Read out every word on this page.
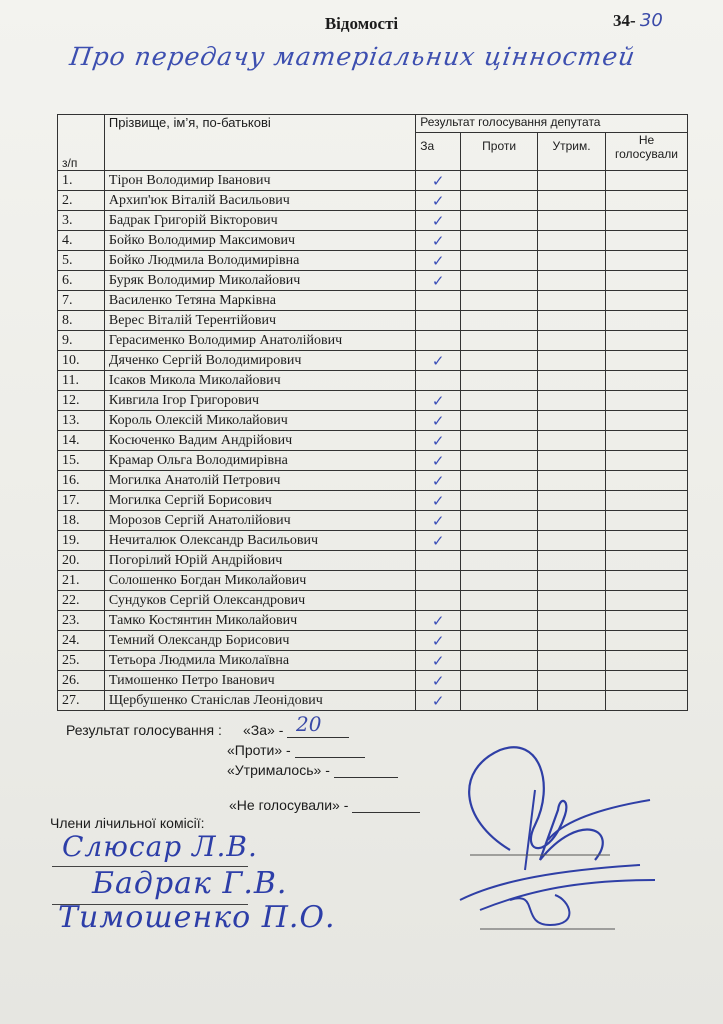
Відомості	34- 30
Про передачу матеріальних цінностей
з/п	Прізвище, ім’я, по-батькові	Результат голосування депутата			
		За	Проти	Утрим.	Не голосували
1.	Тірон Володимир Іванович	✓			
2.	Архип'юк Віталій Васильович	✓			
3.	Бадрак Григорій Вікторович	✓			
4.	Бойко Володимир Максимович	✓			
5.	Бойко Людмила Володимирівна	✓			
6.	Буряк Володимир Миколайович	✓			
7.	Василенко Тетяна Марківна				
8.	Верес Віталій Терентійович				
9.	Герасименко Володимир Анатолійович				
10.	Дяченко Сергій Володимирович	✓			
11.	Ісаков Микола Миколайович				
12.	Кивгила Ігор Григорович	✓			
13.	Король Олексій Миколайович	✓			
14.	Косюченко Вадим Андрійович	✓			
15.	Крамар Ольга Володимирівна	✓			
16.	Могилка Анатолій Петрович	✓			
17.	Могилка Сергій Борисович	✓			
18.	Морозов Сергій Анатолійович	✓			
19.	Нечиталюк Олександр Васильович	✓			
20.	Погорілий Юрій Андрійович				
21.	Солошенко Богдан Миколайович				
22.	Сундуков Сергій Олександрович				
23.	Тамко Костянтин Миколайович	✓			
24.	Темний Олександр Борисович	✓			
25.	Тетьора Людмила Миколаївна	✓			
26.	Тимошенко Петро Іванович	✓			
27.	Щербушенко Станіслав Леонідович	✓			
Результат голосування : «За» - 20
«Проти» -
«Утрималось» -
«Не голосували» -
Члени лічильної комісії:
Слюсар Л.В.
Бадрак Г.В.
Тимошенко П.О.
